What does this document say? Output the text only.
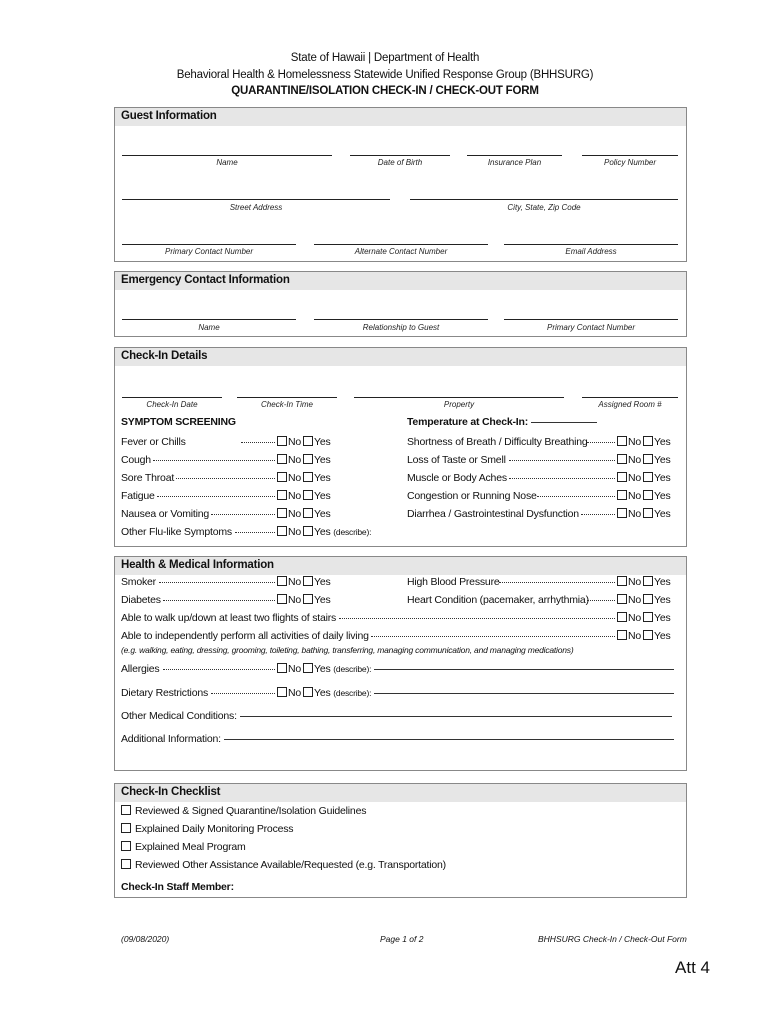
State of Hawaii | Department of Health
Behavioral Health & Homelessness Statewide Unified Response Group (BHHSURG)
QUARANTINE/ISOLATION CHECK-IN / CHECK-OUT FORM
Guest Information
Name	Date of Birth	Insurance Plan	Policy Number
Street Address	City, State, Zip Code
Primary Contact Number	Alternate Contact Number	Email Address
Emergency Contact Information
Name	Relationship to Guest	Primary Contact Number
Check-In Details
Check-In Date	Check-In Time	Property	Assigned Room #
SYMPTOM SCREENING	Temperature at Check-In:
Fever or Chills	No Yes
Cough	No Yes
Sore Throat	No Yes
Fatigue	No Yes
Nausea or Vomiting	No Yes
Other Flu-like Symptoms	No Yes (describe):
Shortness of Breath / Difficulty Breathing	No Yes
Loss of Taste or Smell	No Yes
Muscle or Body Aches	No Yes
Congestion or Running Nose	No Yes
Diarrhea / Gastrointestinal Dysfunction	No Yes
Health & Medical Information
Smoker	No Yes
Diabetes	No Yes
High Blood Pressure	No Yes
Heart Condition (pacemaker, arrhythmia)	No Yes
Able to walk up/down at least two flights of stairs	No Yes
Able to independently perform all activities of daily living	No Yes
(e.g. walking, eating, dressing, grooming, toileting, bathing, transferring, managing communication, and managing medications)
Allergies	No Yes (describe):
Dietary Restrictions	No Yes (describe):
Other Medical Conditions:
Additional Information:
Check-In Checklist
Reviewed & Signed Quarantine/Isolation Guidelines
Explained Daily Monitoring Process
Explained Meal Program
Reviewed Other Assistance Available/Requested (e.g. Transportation)
Check-In Staff Member:
(09/08/2020)	Page 1 of 2	BHHSURG Check-In / Check-Out Form
Att 4
